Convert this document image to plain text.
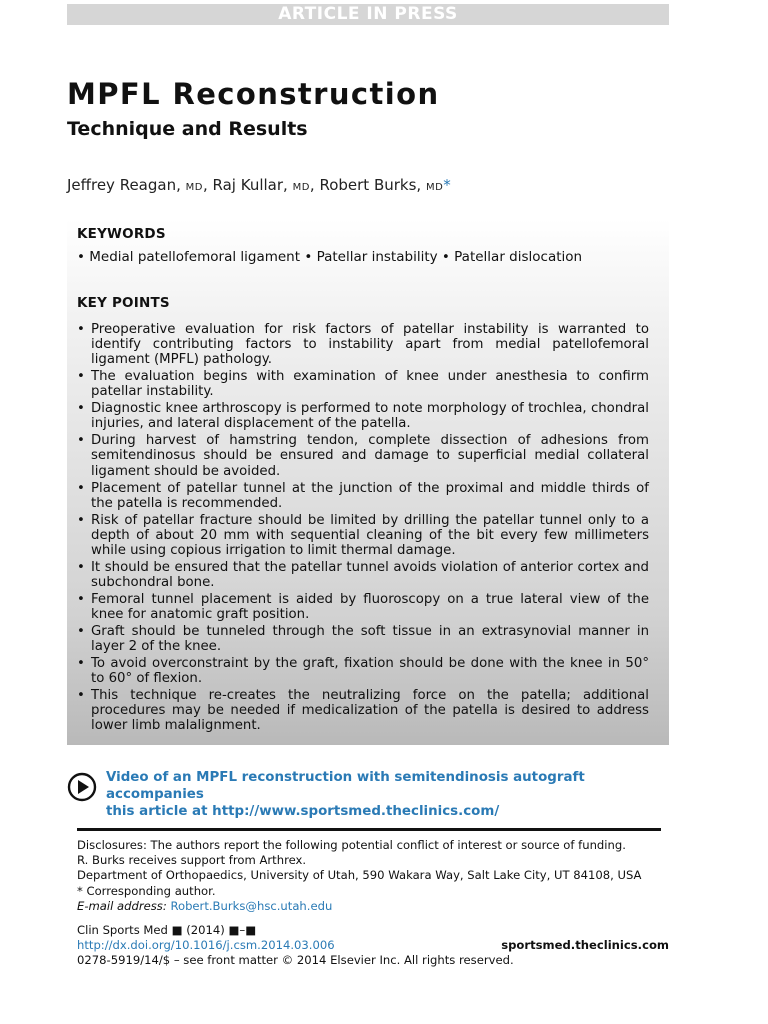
ARTICLE IN PRESS
MPFL Reconstruction
Technique and Results
Jeffrey Reagan, MD, Raj Kullar, MD, Robert Burks, MD*
KEYWORDS
• Medial patellofemoral ligament • Patellar instability • Patellar dislocation
KEY POINTS
• Preoperative evaluation for risk factors of patellar instability is warranted to identify contributing factors to instability apart from medial patellofemoral ligament (MPFL) pathology.
• The evaluation begins with examination of knee under anesthesia to confirm patellar instability.
• Diagnostic knee arthroscopy is performed to note morphology of trochlea, chondral injuries, and lateral displacement of the patella.
• During harvest of hamstring tendon, complete dissection of adhesions from semitendinosus should be ensured and damage to superficial medial collateral ligament should be avoided.
• Placement of patellar tunnel at the junction of the proximal and middle thirds of the patella is recommended.
• Risk of patellar fracture should be limited by drilling the patellar tunnel only to a depth of about 20 mm with sequential cleaning of the bit every few millimeters while using copious irrigation to limit thermal damage.
• It should be ensured that the patellar tunnel avoids violation of anterior cortex and subchondral bone.
• Femoral tunnel placement is aided by fluoroscopy on a true lateral view of the knee for anatomic graft position.
• Graft should be tunneled through the soft tissue in an extrasynovial manner in layer 2 of the knee.
• To avoid overconstraint by the graft, fixation should be done with the knee in 50° to 60° of flexion.
• This technique re-creates the neutralizing force on the patella; additional procedures may be needed if medicalization of the patella is desired to address lower limb malalignment.
Video of an MPFL reconstruction with semitendinosis autograft accompanies
this article at http://www.sportsmed.theclinics.com/
Disclosures: The authors report the following potential conflict of interest or source of funding.
R. Burks receives support from Arthrex.
Department of Orthopaedics, University of Utah, 590 Wakara Way, Salt Lake City, UT 84108, USA
* Corresponding author.
E-mail address: Robert.Burks@hsc.utah.edu
Clin Sports Med ■ (2014) ■–■
http://dx.doi.org/10.1016/j.csm.2014.03.006	sportsmed.theclinics.com
0278-5919/14/$ – see front matter © 2014 Elsevier Inc. All rights reserved.
